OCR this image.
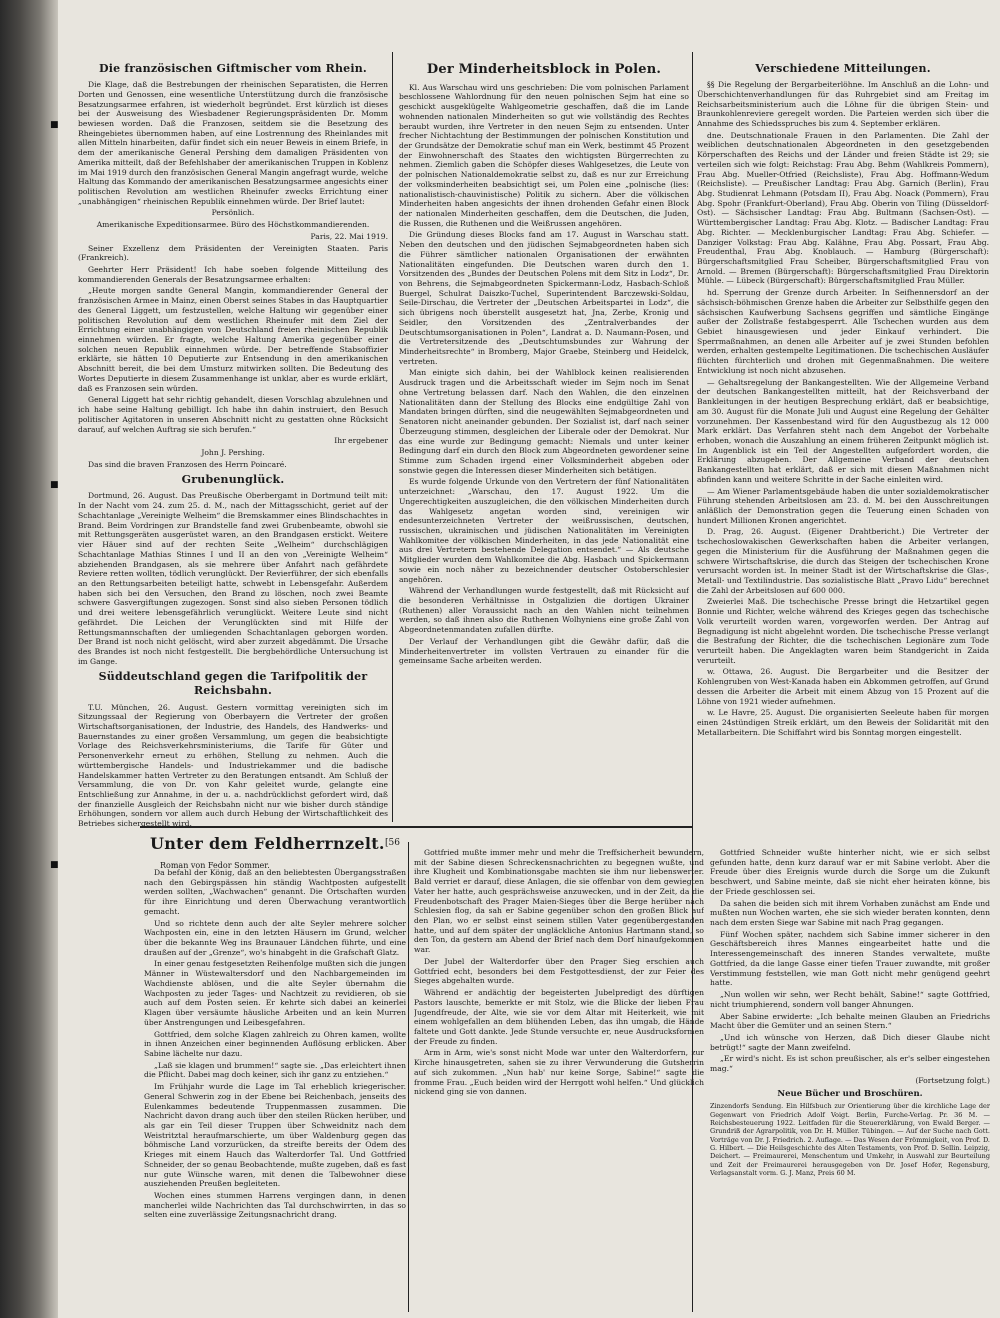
■
■
■
Die französischen Giftmischer vom Rhein.

Die Klage, daß die Bestrebungen der rheinischen Separatisten, die Herren Dorten und Genossen, eine wesentliche Unterstützung durch die französische Besatzungsarmee erfahren, ist wiederholt begründet. Erst kürzlich ist dieses bei der Ausweisung des Wiesbadener Regierungspräsidenten Dr. Momm bewiesen worden. Daß die Franzosen, seitdem sie die Besetzung des Rheingebietes übernommen haben, auf eine Lostrennung des Rheinlandes mit allen Mitteln hinarbeiten, dafür findet sich ein neuer Beweis in einem Briefe, in dem der amerikanische General Pershing dem damaligen Präsidenten von Amerika mitteilt, daß der Befehlshaber der amerikanischen Truppen in Koblenz im Mai 1919 durch den französischen General Mangin angefragt wurde, welche Haltung das Kommando der amerikanischen Besatzungsarmee angesichts einer politischen Revolution am westlichen Rheinufer zwecks Errichtung einer „unabhängigen“ rheinischen Republik einnehmen würde. Der Brief lautet:

Persönlich.

Amerikanische Expeditionsarmee. Büro des Höchstkommandierenden.

Paris, 22. Mai 1919.

Seiner Exzellenz dem Präsidenten der Vereinigten Staaten. Paris (Frankreich).

Geehrter Herr Präsident! Ich habe soeben folgende Mitteilung des kommandierenden Generals der Besatzungsarmee erhalten:

„Heute morgen sandte General Mangin, kommandierender General der französischen Armee in Mainz, einen Oberst seines Stabes in das Hauptquartier des General Liggett, um festzustellen, welche Haltung wir gegenüber einer politischen Revolution auf dem westlichen Rheinufer mit dem Ziel der Errichtung einer unabhängigen von Deutschland freien rheinischen Republik einnehmen würden. Er fragte, welche Haltung Amerika gegenüber einer solchen neuen Republik einnehmen würde. Der betreffende Stabsoffizier erklärte, sie hätten 10 Deputierte zur Entsendung in den amerikanischen Abschnitt bereit, die bei dem Umsturz mitwirken sollten. Die Bedeutung des Wortes Deputierte in diesem Zusammenhange ist unklar, aber es wurde erklärt, daß es Franzosen sein würden.

General Liggett hat sehr richtig gehandelt, diesen Vorschlag abzulehnen und ich habe seine Haltung gebilligt. Ich habe ihn dahin instruiert, den Besuch politischer Agitatoren in unseren Abschnitt nicht zu gestatten ohne Rücksicht darauf, auf welchen Auftrag sie sich berufen.“

Ihr ergebener

John J. Pershing.

Das sind die braven Franzosen des Herrn Poincaré.

Grubenunglück.

Dortmund, 26. August. Das Preußische Oberbergamt in Dortmund teilt mit: In der Nacht vom 24. zum 25. d. M., nach der Mittagsschicht, geriet auf der Schachtanlage „Vereinigte Welheim“ die Bremskammer eines Blindschachtes in Brand. Beim Vordringen zur Brandstelle fand zwei Grubenbeamte, obwohl sie mit Rettungsgeräten ausgerüstet waren, an den Brandgasen erstickt. Weitere vier Häuer sind auf der rechten Seite „Welheim“ durchschlägigen Schachtanlage Mathias Stinnes I und II an den von „Vereinigte Welheim“ abziehenden Brandgasen, als sie mehrere über Anfahrt nach gefährdete Reviere retten wollten, tödlich verunglückt. Der Revierführer, der sich ebenfalls an den Rettungsarbeiten beteiligt hatte, schwebt in Lebensgefahr. Außerdem haben sich bei den Versuchen, den Brand zu löschen, noch zwei Beamte schwere Gasvergiftungen zugezogen. Sonst sind also sieben Personen tödlich und drei weitere lebensgefährlich verunglückt. Weitere Leute sind nicht gefährdet. Die Leichen der Verunglückten sind mit Hilfe der Rettungsmannschaften der umliegenden Schachtanlagen geborgen worden. Der Brand ist noch nicht gelöscht, wird aber zurzeit abgedämmt. Die Ursache des Brandes ist noch nicht festgestellt. Die bergbehördliche Untersuchung ist im Gange.

Süddeutschland gegen die Tarifpolitik der Reichsbahn.

T.U. München, 26. August. Gestern vormittag vereinigten sich im Sitzungssaal der Regierung von Oberbayern die Vertreter der großen Wirtschaftsorganisationen, der Industrie, des Handels, des Handwerks- und Bauernstandes zu einer großen Versammlung, um gegen die beabsichtigte Vorlage des Reichsverkehrsministeriums, die Tarife für Güter und Personenverkehr erneut zu erhöhen, Stellung zu nehmen. Auch die württembergische Handels- und Industriekammer und die badische Handelskammer hatten Vertreter zu den Beratungen entsandt. Am Schluß der Versammlung, die von Dr. von Kahr geleitet wurde, gelangte eine Entschließung zur Annahme, in der u. a. nachdrücklichst gefordert wird, daß der finanzielle Ausgleich der Reichsbahn nicht nur wie bisher durch ständige Erhöhungen, sondern vor allem auch durch Hebung der Wirtschaftlichkeit des Betriebes sichergestellt wird.

Der Minderheitsblock in Polen.

Kl. Aus Warschau wird uns geschrieben: Die vom polnischen Parlament beschlossene Wahlordnung für den neuen polnischen Sejm hat eine so geschickt ausgeklügelte Wahlgeometrie geschaffen, daß die im Lande wohnenden nationalen Minderheiten so gut wie vollständig des Rechtes beraubt wurden, ihre Vertreter in den neuen Sejm zu entsenden. Unter frecher Nichtachtung der Bestimmungen der polnischen Konstitution und der Grundsätze der Demokratie schuf man ein Werk, bestimmt 45 Prozent der Einwohnerschaft des Staates den wichtigsten Bürgerrechten zu nehmen. Ziemlich gaben die Schöpfer dieses Wahlgesetzes, die Leute von der polnischen Nationaldemokratie selbst zu, daß es nur zur Erreichung der volksminderheiten beabsichtigt sei, um Polen eine „polnische (lies: nationalistisch-chauvinistische) Politik zu sichern. Aber die völkischen Minderheiten haben angesichts der ihnen drohenden Gefahr einen Block der nationalen Minderheiten geschaffen, dem die Deutschen, die Juden, die Russen, die Ruthenen und die Weißrussen angehören.

Die Gründung dieses Blocks fand am 17. August in Warschau statt. Neben den deutschen und den jüdischen Sejmabgeordneten haben sich die Führer sämtlicher nationalen Organisationen der erwähnten Nationalitäten eingefunden. Die Deutschen waren durch den 1. Vorsitzenden des „Bundes der Deutschen Polens mit dem Sitz in Lodz“, Dr. von Behrens, die Sejmabgeordneten Spickermann-Lodz, Hasbach-Schloß Buergel, Schulrat Daiszko-Tuchel, Superintendent Barczewski-Soldau, Seile-Dirschau, die Vertreter der „Deutschen Arbeitspartei in Lodz“, die sich übrigens noch überstellt ausgesetzt hat, Jna, Zerbe, Kronig und Seidler, den Vorsitzenden des „Zentralverbandes der Deutschtumsorganisationen in Polen“, Landrat a. D. Naumann-Posen, und die Vertretersitzende des „Deutschtumsbundes zur Wahrung der Minderheitsrechte“ in Bromberg, Major Graebe, Steinberg und Heidelck, vertreten.

Man einigte sich dahin, bei der Wahlblock keinen realisierenden Ausdruck tragen und die Arbeitsschaft wieder im Sejm noch im Senat ohne Vertretung belassen darf. Nach den Wahlen, die den einzelnen Nationalitäten dann der Stellung des Blocks eine endgültige Zahl von Mandaten bringen dürften, sind die neugewählten Sejmabgeordneten und Senatoren nicht aneinander gebunden. Der Sozialist ist, darf nach seiner Überzeugung stimmen, desgleichen der Liberale oder der Demokrat. Nur das eine wurde zur Bedingung gemacht: Niemals und unter keiner Bedingung darf ein durch den Block zum Abgeordneten gewordener seine Stimme zum Schaden irgend einer Volksminderheit abgeben oder sonstwie gegen die Interessen dieser Minderheiten sich betätigen.

Es wurde folgende Urkunde von den Vertretern der fünf Nationalitäten unterzeichnet: „Warschau, den 17. August 1922. Um die Ungerechtigkeiten auszugleichen, die den völkischen Minderheiten durch das Wahlgesetz angetan worden sind, vereinigen wir endesunterzeichneten Vertreter der weißrussischen, deutschen, russischen, ukrainischen und jüdischen Nationalitäten im Vereinigten Wahlkomitee der völkischen Minderheiten, in das jede Nationalität eine aus drei Vertretern bestehende Delegation entsendet.“ — Als deutsche Mitglieder wurden dem Wahlkomitee die Abg. Hasbach und Spickermann sowie ein noch näher zu bezeichnender deutscher Ostoberschlesier angehören.

Während der Verhandlungen wurde festgestellt, daß mit Rücksicht auf die besonderen Verhältnisse in Ostgalizien die dortigen Ukrainer (Ruthenen) aller Voraussicht nach an den Wahlen nicht teilnehmen werden, so daß ihnen also die Ruthenen Wolhyniens eine große Zahl von Abgeordnetenmandaten zufallen dürfte.

Der Verlauf der Verhandlungen gibt die Gewähr dafür, daß die Minderheitenvertreter im vollsten Vertrauen zu einander für die gemeinsame Sache arbeiten werden.

Verschiedene Mitteilungen.

§§ Die Regelung der Bergarbeiterlöhne. Im Anschluß an die Lohn- und Überschichtenverhandlungen für das Ruhrgebiet sind am Freitag im Reichsarbeitsministerium auch die Löhne für die übrigen Stein- und Braunkohlenreviere geregelt worden. Die Parteien werden sich über die Annahme des Schiedsspruches bis zum 4. September erklären.

dne. Deutschnationale Frauen in den Parlamenten. Die Zahl der weiblichen deutschnationalen Abgeordneten in den gesetzgebenden Körperschaften des Reichs und der Länder und freien Städte ist 29; sie verteilen sich wie folgt: Reichstag: Frau Abg. Behm (Wahlkreis Pommern), Frau Abg. Mueller-Otfried (Reichsliste), Frau Abg. Hoffmann-Wedum (Reichsliste). — Preußischer Landtag: Frau Abg. Garnich (Berlin), Frau Abg. Studienrat Lehmann (Potsdam II), Frau Abg. Noack (Pommern), Frau Abg. Spohr (Frankfurt-Oberland), Frau Abg. Oberin von Tiling (Düsseldorf-Ost). — Sächsischer Landtag: Frau Abg. Bultmann (Sachsen-Ost). — Württembergischer Landtag: Frau Abg. Klotz. — Badischer Landtag: Frau Abg. Richter. — Mecklenburgischer Landtag: Frau Abg. Schiefer. — Danziger Volkstag: Frau Abg. Kalähne, Frau Abg. Possart, Frau Abg. Freudenthal, Frau Abg. Knoblauch. — Hamburg (Bürgerschaft): Bürgerschaftsmitglied Frau Scheiber, Bürgerschaftsmitglied Frau von Arnold. — Bremen (Bürgerschaft): Bürgerschaftsmitglied Frau Direktorin Mühle. — Lübeck (Bürgerschaft): Bürgerschaftsmitglied Frau Müller.

hd. Sperrung der Grenze durch Arbeiter. In Seifhennersdorf an der sächsisch-böhmischen Grenze haben die Arbeiter zur Selbsthilfe gegen den sächsischen Kaufwerbung Sachsens gegriffen und sämtliche Eingänge außer der Zollstraße festabgesperrt. Alle Tschechen wurden aus dem Gebiet hinausgewiesen und jeder Einkauf verhindert. Die Sperrmaßnahmen, an denen alle Arbeiter auf je zwei Stunden befohlen werden, erhalten gestempelte Legitimationen. Die tschechischen Ausläufer flüchten fürchterlich und drohen mit Gegenmaßnahmen. Die weitere Entwicklung ist noch nicht abzusehen.

— Gehaltsregelung der Bankangestellten. Wie der Allgemeine Verband der deutschen Bankangestellten mitteilt, hat der Reichsverband der Bankleitungen in der heutigen Besprechung erklärt, daß er beabsichtige, am 30. August für die Monate Juli und August eine Regelung der Gehälter vorzunehmen. Der Kassenbestand wird für den Augustbezug als 12 000 Mark erklärt. Das Verfahren steht nach dem Angebot der Vorbehalte erhoben, wonach die Auszahlung an einem früheren Zeitpunkt möglich ist. Im Augenblick ist ein Teil der Angestellten aufgefordert worden, die Erklärung abzugeben. Der Allgemeine Verband der deutschen Bankangestellten hat erklärt, daß er sich mit diesen Maßnahmen nicht abfinden kann und weitere Schritte in der Sache einleiten wird.

— Am Wiener Parlamentsgebäude haben die unter sozialdemokratischer Führung stehenden Arbeitslosen am 23. d. M. bei den Ausschreitungen anläßlich der Demonstration gegen die Teuerung einen Schaden von hundert Millionen Kronen angerichtet.

D. Prag, 26. August. (Eigener Drahtbericht.) Die Vertreter der tschechoslowakischen Gewerkschaften haben die Arbeiter verlangen, gegen die Ministerium für die Ausführung der Maßnahmen gegen die schwere Wirtschaftskrise, die durch das Steigen der tschechischen Krone verursacht worden ist. In meiner Stadt ist der Wirtschaftskrise die Glas-, Metall- und Textilindustrie. Das sozialistische Blatt „Pravo Lidu“ berechnet die Zahl der Arbeitslosen auf 600 000.

Zweierlei Maß. Die tschechische Presse bringt die Hetzartikel gegen Bonnie und Richter, welche während des Krieges gegen das tschechische Volk verurteilt worden waren, vorgeworfen werden. Der Antrag auf Begnadigung ist nicht abgelehnt worden. Die tschechische Presse verlangt die Bestrafung der Richter, die die tschechischen Legionäre zum Tode verurteilt haben. Die Angeklagten waren beim Standgericht in Zaida verurteilt.

w. Ottawa, 26. August. Die Bergarbeiter und die Besitzer der Kohlengruben von West-Kanada haben ein Abkommen getroffen, auf Grund dessen die Arbeiter die Arbeit mit einem Abzug von 15 Prozent auf die Löhne von 1921 wieder aufnehmen.

w. Le Havre, 25. August. Die organisierten Seeleute haben für morgen einen 24stündigen Streik erklärt, um den Beweis der Solidarität mit den Metallarbeitern. Die Schiffahrt wird bis Sonntag morgen eingestellt.

Unter dem Feldherrnzelt.
Roman von Fedor Sommer.
[56

Da befahl der König, daß an den beliebtesten Übergangsstraßen nach den Gebirgspässen hin ständig Wachtposten aufgestellt werden sollten, „Wachwachen“ genannt. Die Ortschaften wurden für ihre Einrichtung und deren Überwachung verantwortlich gemacht.

Und so richtete denn auch der alte Seyler mehrere solcher Wachposten ein, eine in den letzten Häusern im Grund, welcher über die bekannte Weg ins Braunauer Ländchen führte, und eine draußen auf der „Grenze“, wo's hinabgeht in die Grafschaft Glatz.

In einer genau festgesetzten Reihenfolge mußten sich die jungen Männer in Wüstewaltersdorf und den Nachbargemeinden im Wachdienste ablösen, und die alte Seyler übernahm die Wachposten zu jeder Tages- und Nachtzeit zu revidieren, ob sie auch auf dem Posten seien. Er kehrte sich dabei an keinerlei Klagen über versäumte häusliche Arbeiten und an kein Murren über Anstrengungen und Leibesgefahren.

Gottfried, dem solche Klagen zahlreich zu Ohren kamen, wollte in ihnen Anzeichen einer beginnenden Auflösung erblicken. Aber Sabine lächelte nur dazu.

„Laß sie klagen und brummen!“ sagte sie. „Das erleichtert ihnen die Pflicht. Dabei mag doch keiner, sich ihr ganz zu entziehen.“

Im Frühjahr wurde die Lage im Tal erheblich kriegerischer. General Schwerin zog in der Ebene bei Reichenbach, jenseits des Eulenkammes bedeutende Truppenmassen zusammen. Die Nachricht davon drang auch über den steilen Rücken herüber, und als gar ein Teil dieser Truppen über Schweidnitz nach dem Weistritztal heraufmarschierte, um über Waldenburg gegen das böhmische Land vorzurücken, da streifte bereits der Odem des Krieges mit einem Hauch das Walterdorfer Tal. Und Gottfried Schneider, der so genau Beobachtende, mußte zugeben, daß es fast nur gute Wünsche waren, mit denen die Talbewohner diese ausziehenden Preußen begleiteten.

Wochen eines stummen Harrens vergingen dann, in denen mancherlei wilde Nachrichten das Tal durchschwirrten, in das so selten eine zuverlässige Zeitungsnachricht drang.

Gottfried mußte immer mehr und mehr die Treffsicherheit bewundern, mit der Sabine diesen Schreckensnachrichten zu begegnen wußte, und ihre Klugheit und Kombinationsgabe machten sie ihm nur liebenswerter. Bald verriet er darauf, diese Anlagen, die sie offenbar von dem gewiegten Vater her hatte, auch gesprächsweise anzuwecken, und in der Zeit, da die Freudenbotschaft des Prager Maien-Sieges über die Berge herüber nach Schlesien flog, da sah er Sabine gegenüber schon den großen Blick auf den Plan, wo er selbst einst seinem stillen Vater gegenübergestanden hatte, und auf dem später der ungläckliche Antonius Hartmann stand, so den Ton, da gestern am Abend der Brief nach dem Dorf hinaufgekommen war.

Der Jubel der Walterdorfer über den Prager Sieg erschien auch Gottfried echt, besonders bei dem Festgottesdienst, der zur Feier des Sieges abgehalten wurde.

Während er andächtig der begeisterten Jubelpredigt des dürftigen Pastors lauschte, bemerkte er mit Stolz, wie die Blicke der lieben Frau Jugendfreude, der Alte, wie sie vor dem Altar mit Heiterkeit, wie mit einem wohlgefallen an dem blühenden Leben, das ihn umgab, die Hände faltete und Gott dankte. Jede Stunde versuchte er, neue Ausdrucksformen der Freude zu finden.

Arm in Arm, wie's sonst nicht Mode war unter den Walterdorfern, zur Kirche hinausgetreten, sahen sie zu ihrer Verwunderung die Gutsherrin auf sich zukommen. „Nun hab' nur keine Sorge, Sabine!“ sagte die fromme Frau. „Euch beiden wird der Herrgott wohl helfen.“ Und glücklich nickend ging sie von dannen.

Gottfried Schneider wußte hinterher nicht, wie er sich selbst gefunden hatte, denn kurz darauf war er mit Sabine verlobt. Aber die Freude über dies Ereignis wurde durch die Sorge um die Zukunft beschwert, und Sabine meinte, daß sie nicht eher heiraten könne, bis der Friede geschlossen sei.

Da sahen die beiden sich mit ihrem Vorhaben zunächst am Ende und mußten nun Wochen warten, ehe sie sich wieder beraten konnten, denn nach dem ersten Siege war Sabine mit nach Prag gegangen.

Fünf Wochen später, nachdem sich Sabine immer sicherer in den Geschäftsbereich ihres Mannes eingearbeitet hatte und die Interessengemeinschaft des inneren Standes verwaltete, mußte Gottfried, da die lange Gasse einer tiefen Trauer zuwandte, mit großer Verstimmung feststellen, wie man Gott nicht mehr genügend geehrt hatte.

„Nun wollen wir sehn, wer Recht behält, Sabine!“ sagte Gottfried, nicht triumphierend, sondern voll banger Ahnungen.

Aber Sabine erwiderte: „Ich behalte meinen Glauben an Friedrichs Macht über die Gemüter und an seinen Stern.“

„Und ich wünsche von Herzen, daß Dich dieser Glaube nicht betrügt!“ sagte der Mann zweifelnd.

„Er wird's nicht. Es ist schon preußischer, als er's selber eingestehen mag.“

(Fortsetzung folgt.)

Neue Bücher und Broschüren.

Zinzendorfs Sendung. Ein Hilfsbuch zur Orientierung über die kirchliche Lage der Gegenwart von Friedrich Adolf Voigt. Berlin, Furche-Verlag. Pr. 36 M. — Reichsbesteuerung 1922. Leitfaden für die Steuererklärung, von Ewald Berger. — Grundriß der Agrarpolitik, von Dr. H. Müller. Tübingen. — Auf der Suche nach Gott. Vorträge von Dr. J. Friedrich. 2. Auflage. — Das Wesen der Frömmigkeit, von Prof. D. G. Hilbert. — Die Heilsgeschichte des Alten Testaments, von Prof. D. Sellin. Leipzig, Deichert. — Freimaurerei, Menschentum und Umkehr, in Auswahl zur Beurteilung und Zeit der Freimaurerei herausgegeben von Dr. Josef Hofer, Regensburg, Verlagsanstalt vorm. G. J. Manz, Preis 60 M.
